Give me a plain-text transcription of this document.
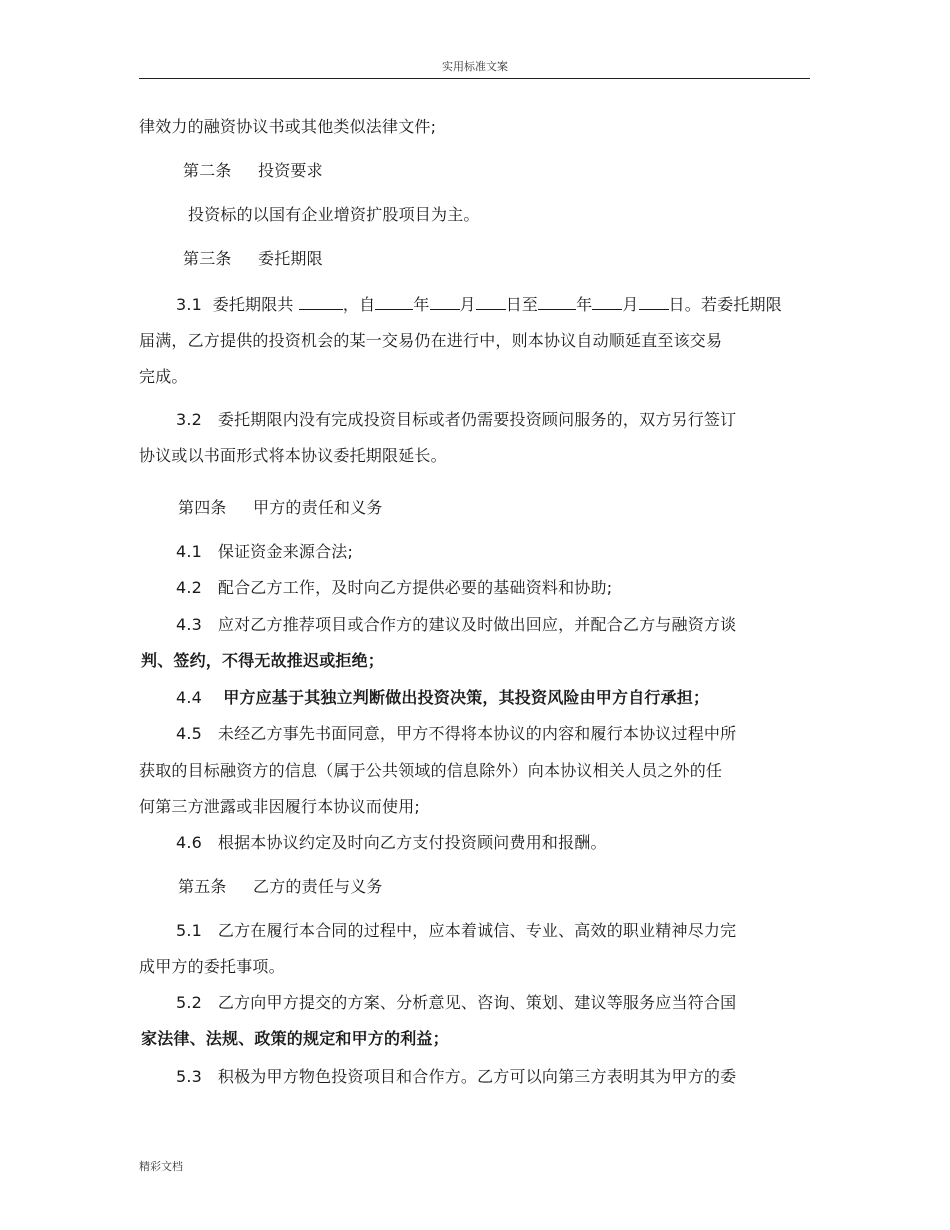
实用标准文案
律效力的融资协议书或其他类似法律文件;
第二条     投资要求
投资标的以国有企业增资扩股项目为主。
第三条     委托期限
3.1 委托期限共	，自 年 月 日至 年 月 日。若委托期限
届满，乙方提供的投资机会的某一交易仍在进行中，则本协议自动顺延直至该交易
完成。
3.2   委托期限内没有完成投资目标或者仍需要投资顾问服务的，双方另行签订
协议或以书面形式将本协议委托期限延长。
第四条     甲方的责任和义务
4.1   保证资金来源合法;
4.2   配合乙方工作，及时向乙方提供必要的基础资料和协助;
4.3   应对乙方推荐项目或合作方的建议及时做出回应，并配合乙方与融资方谈
判、签约，不得无故推迟或拒绝；
4.4 甲方应基于其独立判断做出投资决策，其投资风险由甲方自行承担；
4.5   未经乙方事先书面同意，甲方不得将本协议的内容和履行本协议过程中所
获取的目标融资方的信息（属于公共领域的信息除外）向本协议相关人员之外的任
何第三方泄露或非因履行本协议而使用;
4.6   根据本协议约定及时向乙方支付投资顾问费用和报酬。
第五条     乙方的责任与义务
5.1   乙方在履行本合同的过程中，应本着诚信、专业、高效的职业精神尽力完
成甲方的委托事项。
5.2   乙方向甲方提交的方案、分析意见、咨询、策划、建议等服务应当符合国
家法律、法规、政策的规定和甲方的利益；
5.3   积极为甲方物色投资项目和合作方。乙方可以向第三方表明其为甲方的委
精彩文档
